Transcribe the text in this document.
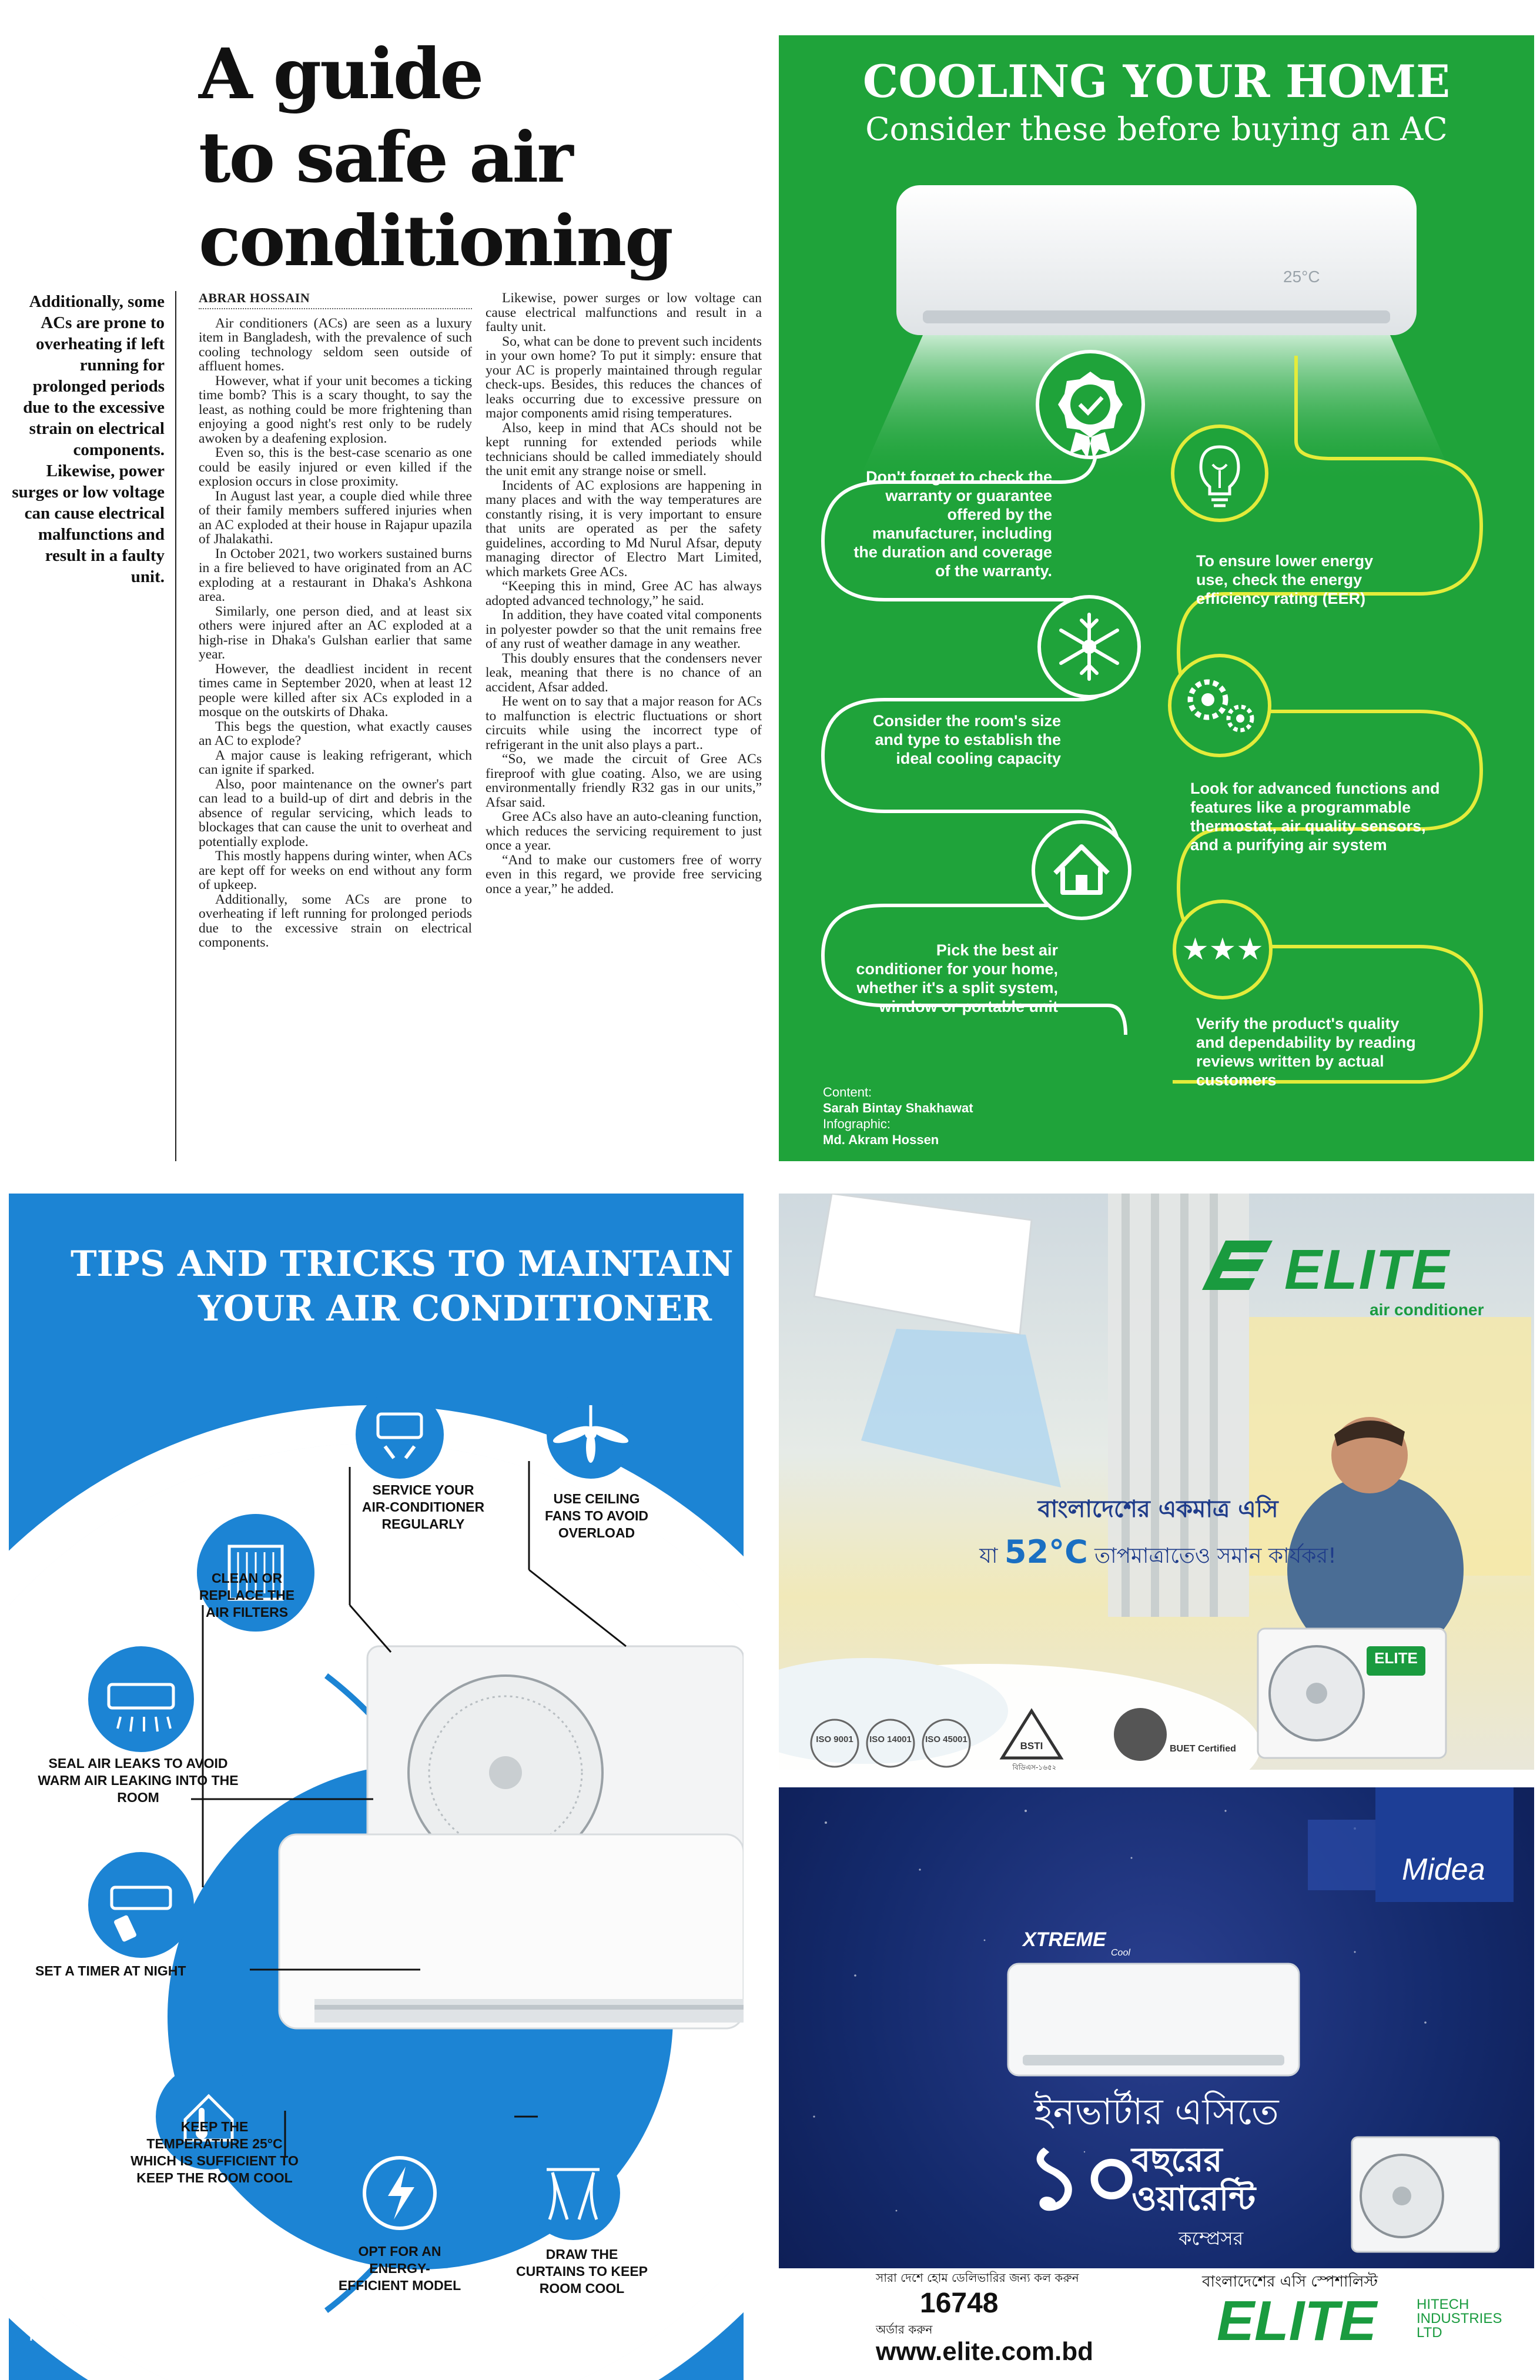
A guide
to safe air
conditioning
Additionally, some ACs are prone to overheating if left running for prolonged periods due to the excessive strain on electrical components. Likewise, power surges or low voltage can cause electrical malfunctions and result in a faulty unit.

ABRAR HOSSAIN

Air conditioners (ACs) are seen as a luxury item in Bangladesh, with the prevalence of such cooling technology seldom seen outside of affluent homes.

However, what if your unit becomes a ticking time bomb? This is a scary thought, to say the least, as nothing could be more frightening than enjoying a good night's rest only to be rudely awoken by a deafening explosion.

Even so, this is the best-case scenario as one could be easily injured or even killed if the explosion occurs in close proximity.

In August last year, a couple died while three of their family members suffered injuries when an AC exploded at their house in Rajapur upazila of Jhalakathi.

In October 2021, two workers sustained burns in a fire believed to have originated from an AC exploding at a restaurant in Dhaka's Ashkona area.

Similarly, one person died, and at least six others were injured after an AC exploded at a high-rise in Dhaka's Gulshan earlier that same year.

However, the deadliest incident in recent times came in September 2020, when at least 12 people were killed after six ACs exploded in a mosque on the outskirts of Dhaka.

This begs the question, what exactly causes an AC to explode?

A major cause is leaking refrigerant, which can ignite if sparked.

Also, poor maintenance on the owner's part can lead to a build-up of dirt and debris in the absence of regular servicing, which leads to blockages that can cause the unit to overheat and potentially explode.

This mostly happens during winter, when ACs are kept off for weeks on end without any form of upkeep.

Additionally, some ACs are prone to overheating if left running for prolonged periods due to the excessive strain on electrical components.

Likewise, power surges or low voltage can cause electrical malfunctions and result in a faulty unit.

So, what can be done to prevent such incidents in your own home? To put it simply: ensure that your AC is properly maintained through regular check-ups. Besides, this reduces the chances of leaks occurring due to excessive pressure on major components amid rising temperatures.

Also, keep in mind that ACs should not be kept running for extended periods while technicians should be called immediately should the unit emit any strange noise or smell.

Incidents of AC explosions are happening in many places and with the way temperatures are constantly rising, it is very important to ensure that units are operated as per the safety guidelines, according to Md Nurul Afsar, deputy managing director of Electro Mart Limited, which markets Gree ACs.

“Keeping this in mind, Gree AC has always adopted advanced technology,” he said.

In addition, they have coated vital components in polyester powder so that the unit remains free of any rust of weather damage in any weather.

This doubly ensures that the condensers never leak, meaning that there is no chance of an accident, Afsar added.

He went on to say that a major reason for ACs to malfunction is electric fluctuations or short circuits while using the incorrect type of refrigerant in the unit also plays a part..

“So, we made the circuit of Gree ACs fireproof with glue coating. Also, we are using environmentally friendly R32 gas in our units,” Afsar said.

Gree ACs also have an auto-cleaning function, which reduces the servicing requirement to just once a year.

“And to make our customers free of worry even in this regard, we provide free servicing once a year,” he added.

25°C
COOLING YOUR HOME
Consider these before buying an AC
Don't forget to check the warranty or guarantee offered by the manufacturer, including the duration and coverage of the warranty.
To ensure lower energy use, check the energy efficiency rating (EER)
Consider the room's size and type to establish the ideal cooling capacity
Look for advanced functions and features like a programmable thermostat, air quality sensors, and a purifying air system
Pick the best air conditioner for your home, whether it's a split system, window or portable unit
Verify the product's quality and dependability by reading reviews written by actual customers
★★★
Content:
Sarah Bintay Shakhawat
Infographic:
Md. Akram Hossen
TIPS AND TRICKS TO MAINTAIN
YOUR AIR CONDITIONER
SERVICE YOUR AIR-CONDITIONER REGULARLY
USE CEILING FANS TO AVOID OVERLOAD
CLEAN OR REPLACE THE AIR FILTERS
SEAL AIR LEAKS TO AVOID WARM AIR LEAKING INTO THE ROOM
SET A TIMER AT NIGHT
KEEP THE TEMPERATURE 25°C WHICH IS SUFFICIENT TO KEEP THE ROOM COOL
OPT FOR AN ENERGY-EFFICIENT MODEL
DRAW THE CURTAINS TO KEEP ROOM COOL
Content:
Sarah Bintay Shakhawat
Infographic:
Md. Akram Hossen
ELITE
air conditioner
বাংলাদেশের একমাত্র এসি
যা 52°C তাপমাত্রাতেও সমান কার্যকর!
ELITE
ISO 9001	ISO 14001 ISO 45001
BSTI
বিডিএস-১৬৫২
BUET Certified
Midea
XTREME
Cool
ইনভার্টার এসিতে
১০
বছরের
ওয়ারেন্টি
কম্প্রেসর
সারা দেশে হোম ডেলিভারির জন্য কল করুন
16748
অর্ডার করুন
www.elite.com.bd
বাংলাদেশের এসি স্পেশালিস্ট
ELITE	HITECH
INDUSTRIES
LTD
